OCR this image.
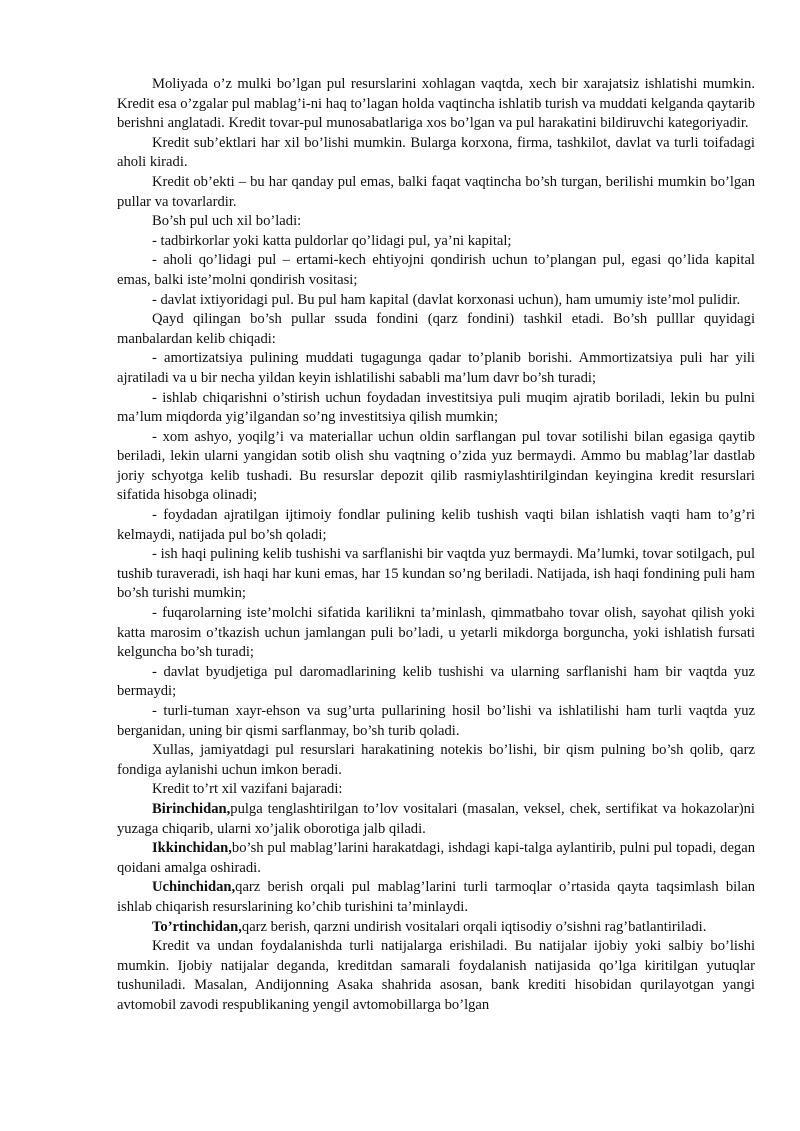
Moliyada o’z mulki bo’lgan pul resurslarini xohlagan vaqtda, xech bir xarajatsiz ishlatishi mumkin. Kredit esa o’zgalar pul mablag’i-ni haq to’lagan holda vaqtincha ishlatib turish va muddati kelganda qaytarib berishni anglatadi. Kredit tovar-pul munosabatlariga xos bo’lgan va pul harakatini bildiruvchi kategoriyadir.

Kredit sub’ektlari har xil bo’lishi mumkin. Bularga korxona, firma, tashkilot, davlat va turli toifadagi aholi kiradi.

Kredit ob’ekti – bu har qanday pul emas, balki faqat vaqtincha bo’sh turgan, berilishi mumkin bo’lgan pullar va tovarlardir.

Bo’sh pul uch xil bo’ladi:

- tadbirkorlar yoki katta puldorlar qo’lidagi pul, ya’ni kapital;

- aholi qo’lidagi pul – ertami-kech ehtiyojni qondirish uchun to’plangan pul, egasi qo’lida kapital emas, balki iste’molni qondirish vositasi;

- davlat ixtiyoridagi pul. Bu pul ham kapital (davlat korxonasi uchun), ham umumiy iste’mol pulidir.

Qayd qilingan bo’sh pullar ssuda fondini (qarz fondini) tashkil etadi. Bo’sh pulllar quyidagi manbalardan kelib chiqadi:

- amortizatsiya pulining muddati tugagunga qadar to’planib borishi. Ammortizatsiya puli har yili ajratiladi va u bir necha yildan keyin ishlatilishi sababli ma’lum davr bo’sh turadi;

- ishlab chiqarishni o’stirish uchun foydadan investitsiya puli muqim ajratib boriladi, lekin bu pulni ma’lum miqdorda yig’ilgandan so’ng investitsiya qilish mumkin;

- xom ashyo, yoqilg’i va materiallar uchun oldin sarflangan pul tovar sotilishi bilan egasiga qaytib beriladi, lekin ularni yangidan sotib olish shu vaqtning o’zida yuz bermaydi. Ammo bu mablag’lar dastlab joriy schyotga kelib tushadi. Bu resurslar depozit qilib rasmiylashtirilgindan keyingina kredit resurslari sifatida hisobga olinadi;

- foydadan ajratilgan ijtimoiy fondlar pulining kelib tushish vaqti bilan ishlatish vaqti ham to’g’ri kelmaydi, natijada pul bo’sh qoladi;

- ish haqi pulining kelib tushishi va sarflanishi bir vaqtda yuz bermaydi. Ma’lumki, tovar sotilgach, pul tushib turaveradi, ish haqi har kuni emas, har 15 kundan so’ng beriladi. Natijada, ish haqi fondining puli ham bo’sh turishi mumkin;

- fuqarolarning iste’molchi sifatida karilikni ta’minlash, qimmatbaho tovar olish, sayohat qilish yoki katta marosim o’tkazish uchun jamlangan puli bo’ladi, u yetarli mikdorga borguncha, yoki ishlatish fursati kelguncha bo’sh turadi;

- davlat byudjetiga pul daromadlarining kelib tushishi va ularning sarflanishi ham bir vaqtda yuz bermaydi;

- turli-tuman xayr-ehson va sug’urta pullarining hosil bo’lishi va ishlatilishi ham turli vaqtda yuz berganidan, uning bir qismi sarflanmay, bo’sh turib qoladi.

Xullas, jamiyatdagi pul resurslari harakatining notekis bo’lishi, bir qism pulning bo’sh qolib, qarz fondiga aylanishi uchun imkon beradi.

Kredit to’rt xil vazifani bajaradi:

Birinchidan,pulga tenglashtirilgan to’lov vositalari (masalan, veksel, chek, sertifikat va hokazolar)ni yuzaga chiqarib, ularni xo’jalik oborotiga jalb qiladi.

Ikkinchidan,bo’sh pul mablag’larini harakatdagi, ishdagi kapi-talga aylantirib, pulni pul topadi, degan qoidani amalga oshiradi.

Uchinchidan,qarz berish orqali pul mablag’larini turli tarmoqlar o’rtasida qayta taqsimlash bilan ishlab chiqarish resurslarining ko’chib turishini ta’minlaydi.

To’rtinchidan,qarz berish, qarzni undirish vositalari orqali iqtisodiy o’sishni rag’batlantiriladi.

Kredit va undan foydalanishda turli natijalarga erishiladi. Bu natijalar ijobiy yoki salbiy bo’lishi mumkin. Ijobiy natijalar deganda, kreditdan samarali foydalanish natijasida qo’lga kiritilgan yutuqlar tushuniladi. Masalan, Andijonning Asaka shahrida asosan, bank krediti hisobidan qurilayotgan yangi avtomobil zavodi respublikaning yengil avtomobillarga bo’lgan
